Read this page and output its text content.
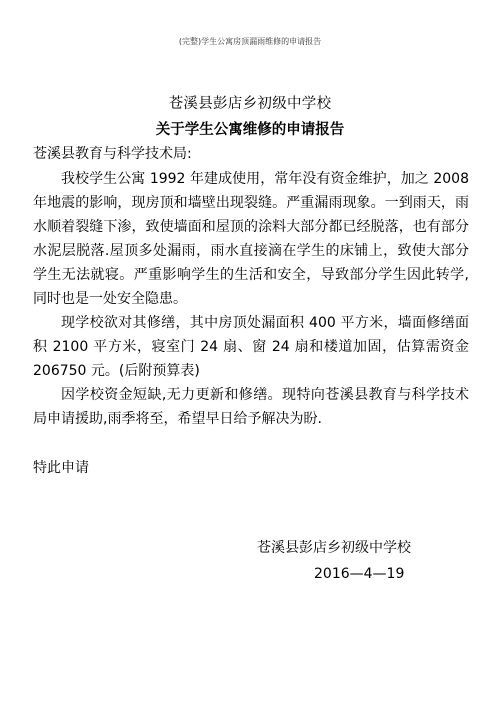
(完整)学生公寓房顶漏雨维修的申请报告
苍溪县彭店乡初级中学校
关于学生公寓维修的申请报告
苍溪县教育与科学技术局:

我校学生公寓 1992 年建成使用，常年没有资金维护，加之 2008 年地震的影响，现房顶和墙壁出现裂缝。严重漏雨现象。一到雨天，雨水顺着裂缝下渗，致使墙面和屋顶的涂料大部分都已经脱落，也有部分水泥层脱落.屋顶多处漏雨，雨水直接滴在学生的床铺上，致使大部分学生无法就寝。严重影响学生的生活和安全，导致部分学生因此转学,同时也是一处安全隐患。

现学校欲对其修缮，其中房顶处漏面积 400 平方米，墙面修缮面积 2100 平方米，寝室门 24 扇、窗 24 扇和楼道加固，估算需资金 206750 元。(后附预算表)

因学校资金短缺,无力更新和修缮。现特向苍溪县教育与科学技术局申请援助,雨季将至，希望早日给予解决为盼.

特此申请
苍溪县彭店乡初级中学校
2016—4—19
